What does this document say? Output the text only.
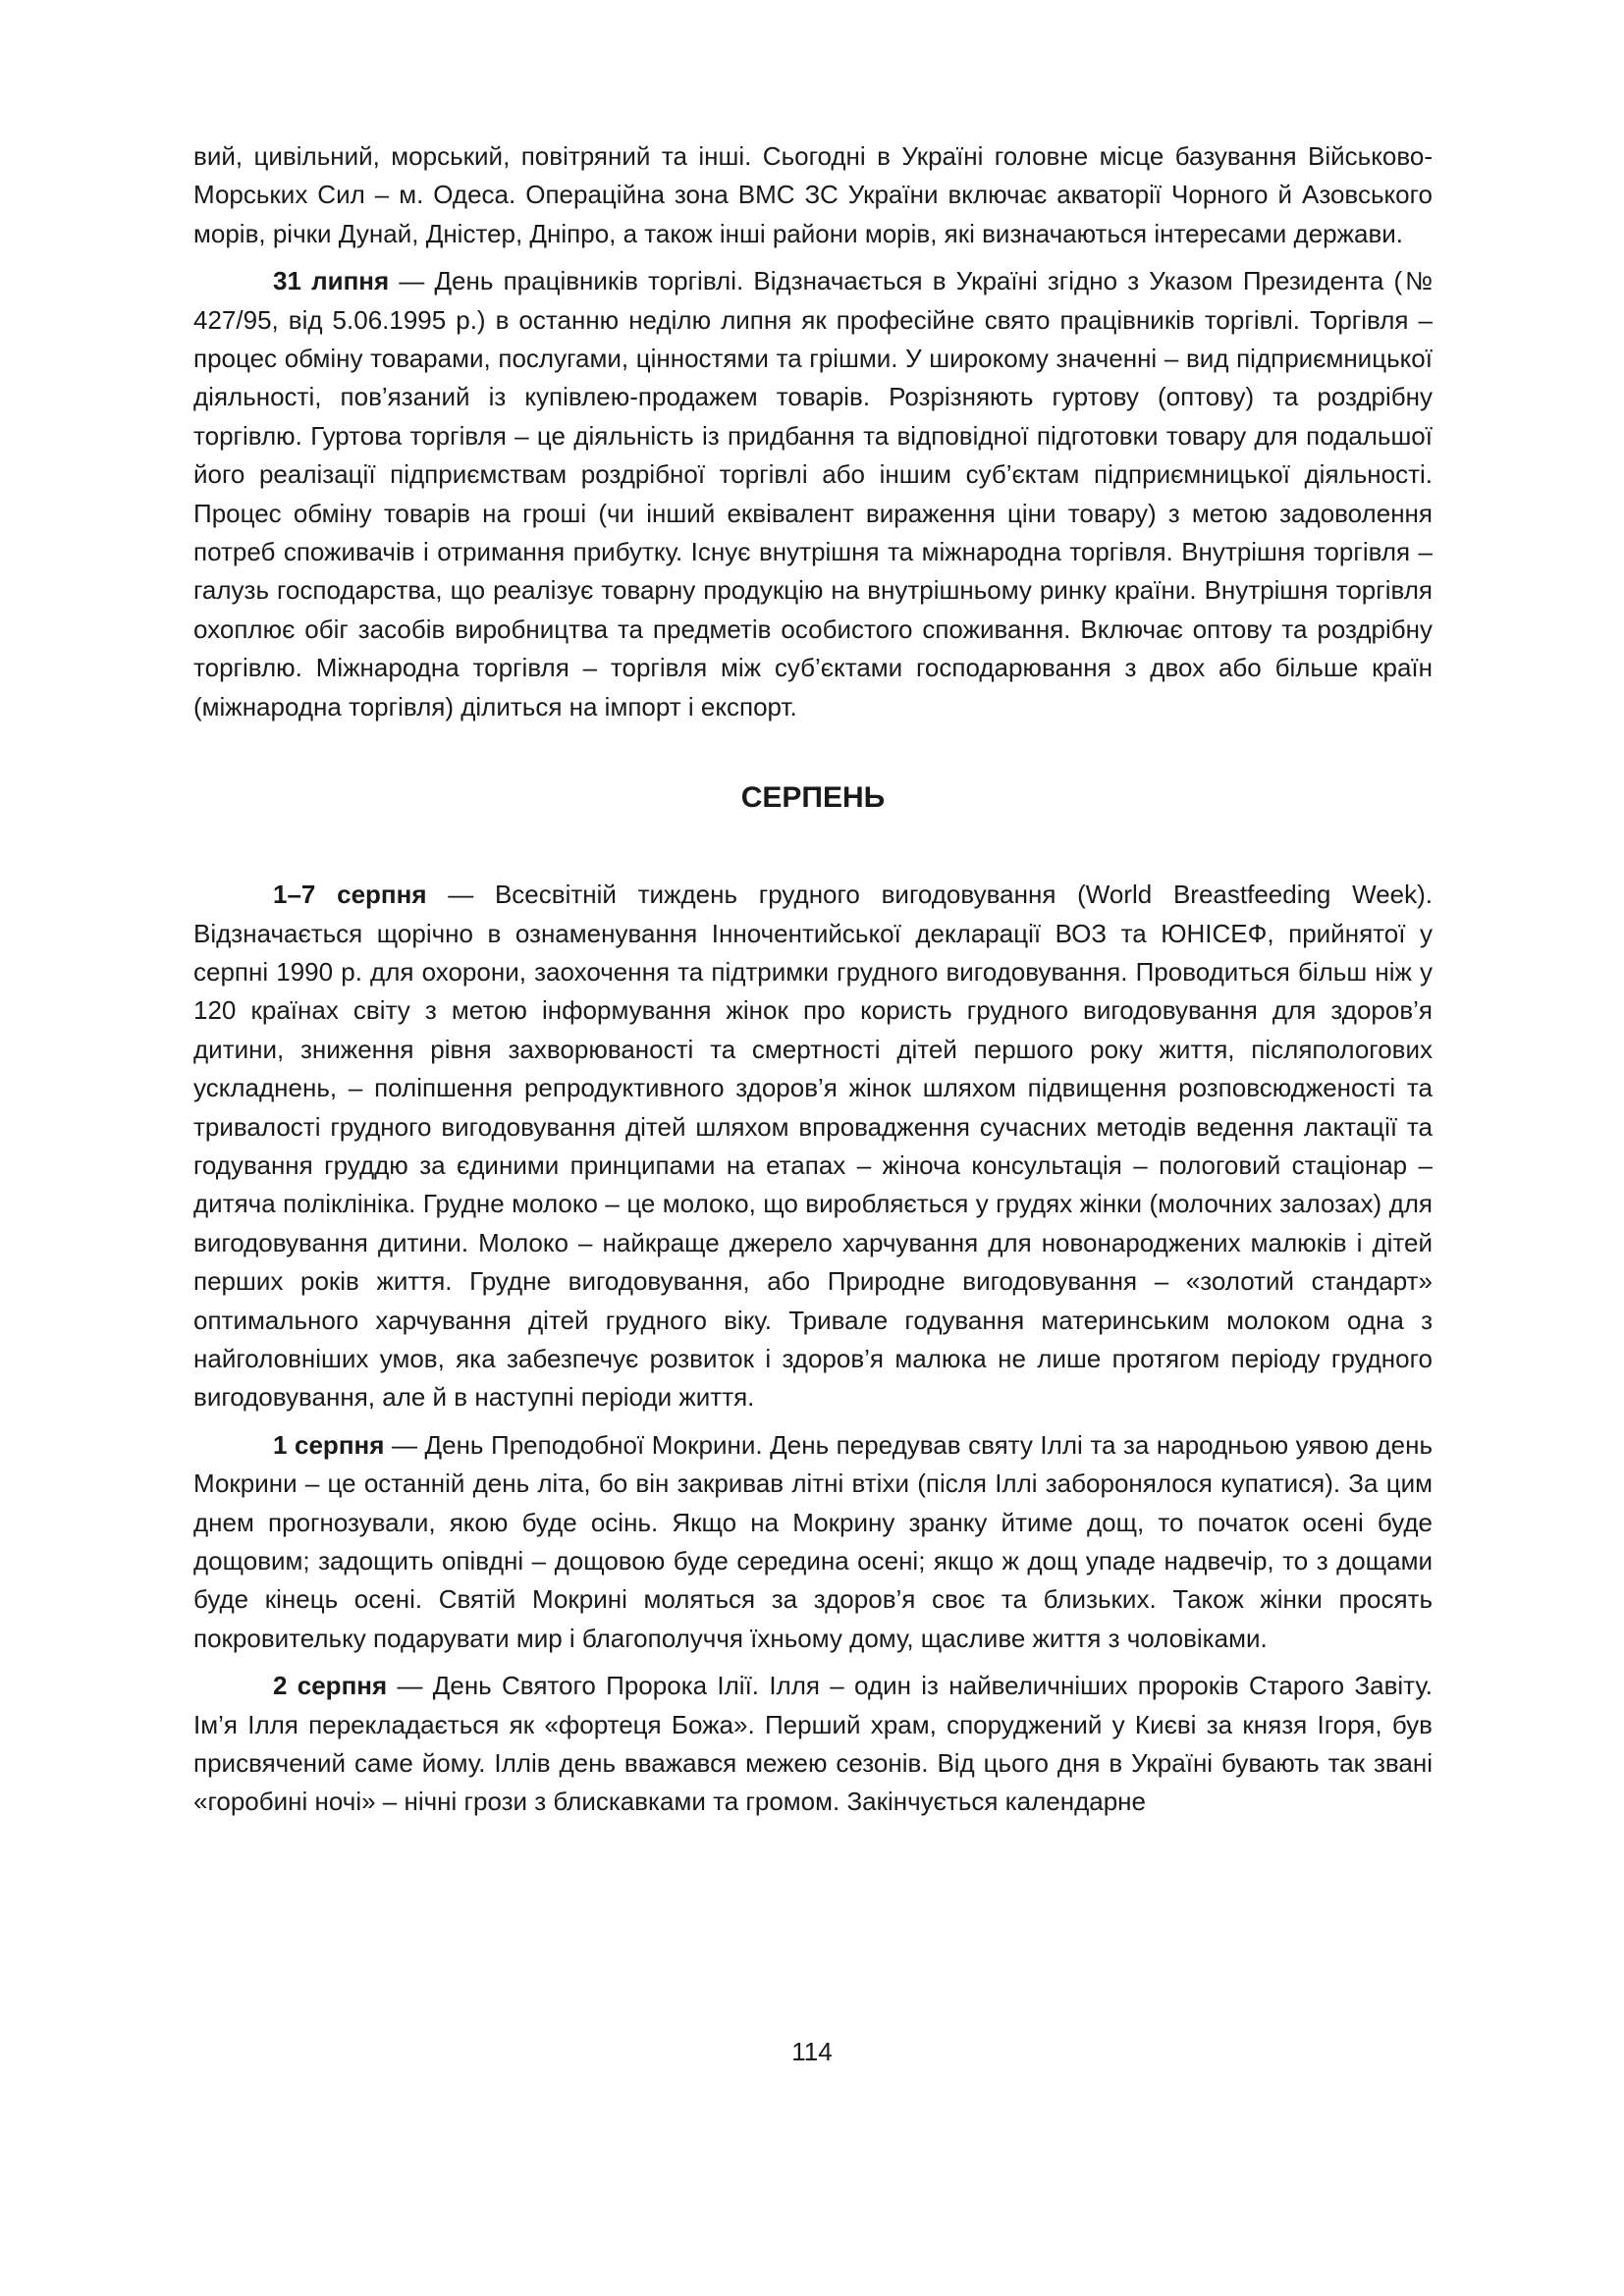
вий, цивільний, морський, повітряний та інші. Сьогодні в Україні головне місце базування Військово-Морських Сил – м. Одеса. Операційна зона ВМС ЗС України включає акваторії Чорного й Азовського морів, річки Дунай, Дністер, Дніпро, а також інші райони морів, які визначаються інтересами держави.

31 липня — День працівників торгівлі. Відзначається в Україні згідно з Указом Президента (№ 427/95, від 5.06.1995 р.) в останню неділю липня як професійне свято працівників торгівлі. Торгівля – процес обміну товарами, послугами, цінностями та грішми. У широкому значенні – вид підприємницької діяльності, пов’язаний із купівлею-продажем товарів. Розрізняють гуртову (оптову) та роздрібну торгівлю. Гуртова торгівля – це діяльність із придбання та відповідної підготовки товару для подальшої його реалізації підприємствам роздрібної торгівлі або іншим суб’єктам підприємницької діяльності. Процес обміну товарів на гроші (чи інший еквівалент вираження ціни товару) з метою задоволення потреб споживачів і отримання прибутку. Існує внутрішня та міжнародна торгівля. Внутрішня торгівля – галузь господарства, що реалізує товарну продукцію на внутрішньому ринку країни. Внутрішня торгівля охоплює обіг засобів виробництва та предметів особистого споживання. Включає оптову та роздрібну торгівлю. Міжнародна торгівля – торгівля між суб’єктами господарювання з двох або більше країн (міжнародна торгівля) ділиться на імпорт і експорт.

СЕРПЕНЬ

1–7 серпня — Всесвітній тиждень грудного вигодовування (World Breastfeeding Week). Відзначається щорічно в ознаменування Інночентийської декларації ВОЗ та ЮНІСЕФ, прийнятої у серпні 1990 р. для охорони, заохочення та підтримки грудного вигодовування. Проводиться більш ніж у 120 країнах світу з метою інформування жінок про користь грудного вигодовування для здоров’я дитини, зниження рівня захворюваності та смертності дітей першого року життя, післяпологових ускладнень, – поліпшення репродуктивного здоров’я жінок шляхом підвищення розповсюдженості та тривалості грудного вигодовування дітей шляхом впровадження сучасних методів ведення лактації та годування груддю за єдиними принципами на етапах – жіноча консультація – пологовий стаціонар – дитяча поліклініка. Грудне молоко – це молоко, що виробляється у грудях жінки (молочних залозах) для вигодовування дитини. Молоко – найкраще джерело харчування для новонароджених малюків і дітей перших років життя. Грудне вигодовування, або Природне вигодовування – «золотий стандарт» оптимального харчування дітей грудного віку. Тривале годування материнським молоком одна з найголовніших умов, яка забезпечує розвиток і здоров’я малюка не лише протягом періоду грудного вигодовування, але й в наступні періоди життя.

1 серпня — День Преподобної Мокрини. День передував святу Іллі та за народньою уявою день Мокрини – це останній день літа, бо він закривав літні втіхи (після Іллі заборонялося купатися). За цим днем прогнозували, якою буде осінь. Якщо на Мокрину зранку йтиме дощ, то початок осені буде дощовим; задощить опівдні – дощовою буде середина осені; якщо ж дощ упаде надвечір, то з дощами буде кінець осені. Святій Мокрині моляться за здоров’я своє та близьких. Також жінки просять покровительку подарувати мир і благополуччя їхньому дому, щасливе життя з чоловіками.

2 серпня — День Святого Пророка Ілії. Ілля – один із найвеличніших пророків Старого Завіту. Ім’я Ілля перекладається як «фортеця Божа». Перший храм, споруджений у Києві за князя Ігоря, був присвячений саме йому. Іллів день вважався межею сезонів. Від цього дня в Україні бувають так звані «горобині ночі» – нічні грози з блискавками та громом. Закінчується календарне

114
